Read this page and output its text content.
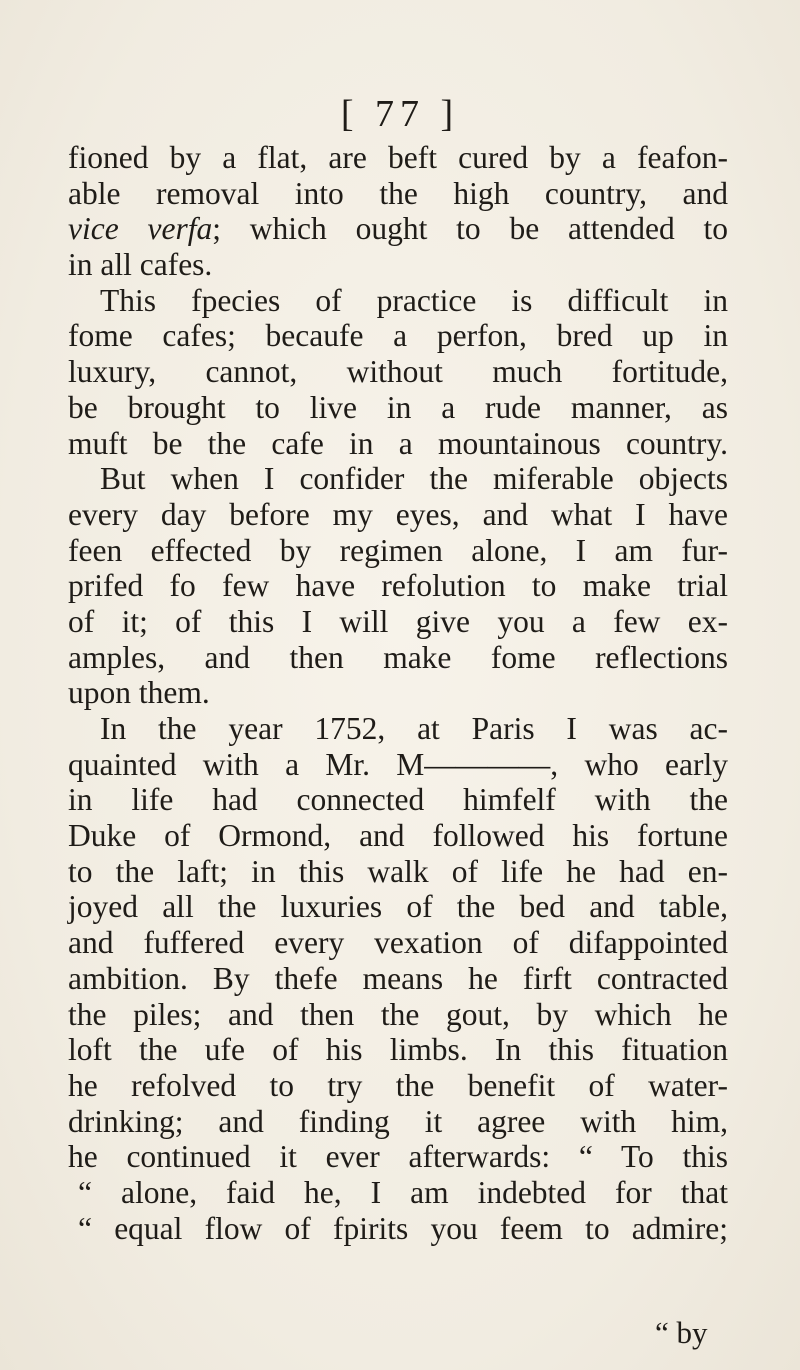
[ 77 ]
fioned by a flat, are beft cured by a feafon-
able removal into the high country, and
vice verfa; which ought to be attended to
in all cafes.
This fpecies of practice is difficult in
fome cafes; becaufe a perfon, bred up in
luxury, cannot, without much fortitude,
be brought to live in a rude manner, as
muft be the cafe in a mountainous country.
But when I confider the miferable objects
every day before my eyes, and what I have
feen effected by regimen alone, I am fur-
prifed fo few have refolution to make trial
of it; of this I will give you a few ex-
amples, and then make fome reflections
upon them.
In the year 1752, at Paris I was ac-
quainted with a Mr. M————, who early
in life had connected himfelf with the
Duke of Ormond, and followed his fortune
to the laft; in this walk of life he had en-
joyed all the luxuries of the bed and table,
and fuffered every vexation of difappointed
ambition. By thefe means he firft contracted
the piles; and then the gout, by which he
loft the ufe of his limbs. In this fituation
he refolved to try the benefit of water-
drinking; and finding it agree with him,
he continued it ever afterwards: “ To this
“ alone, faid he, I am indebted for that
“ equal flow of fpirits you feem to admire;
“ by
